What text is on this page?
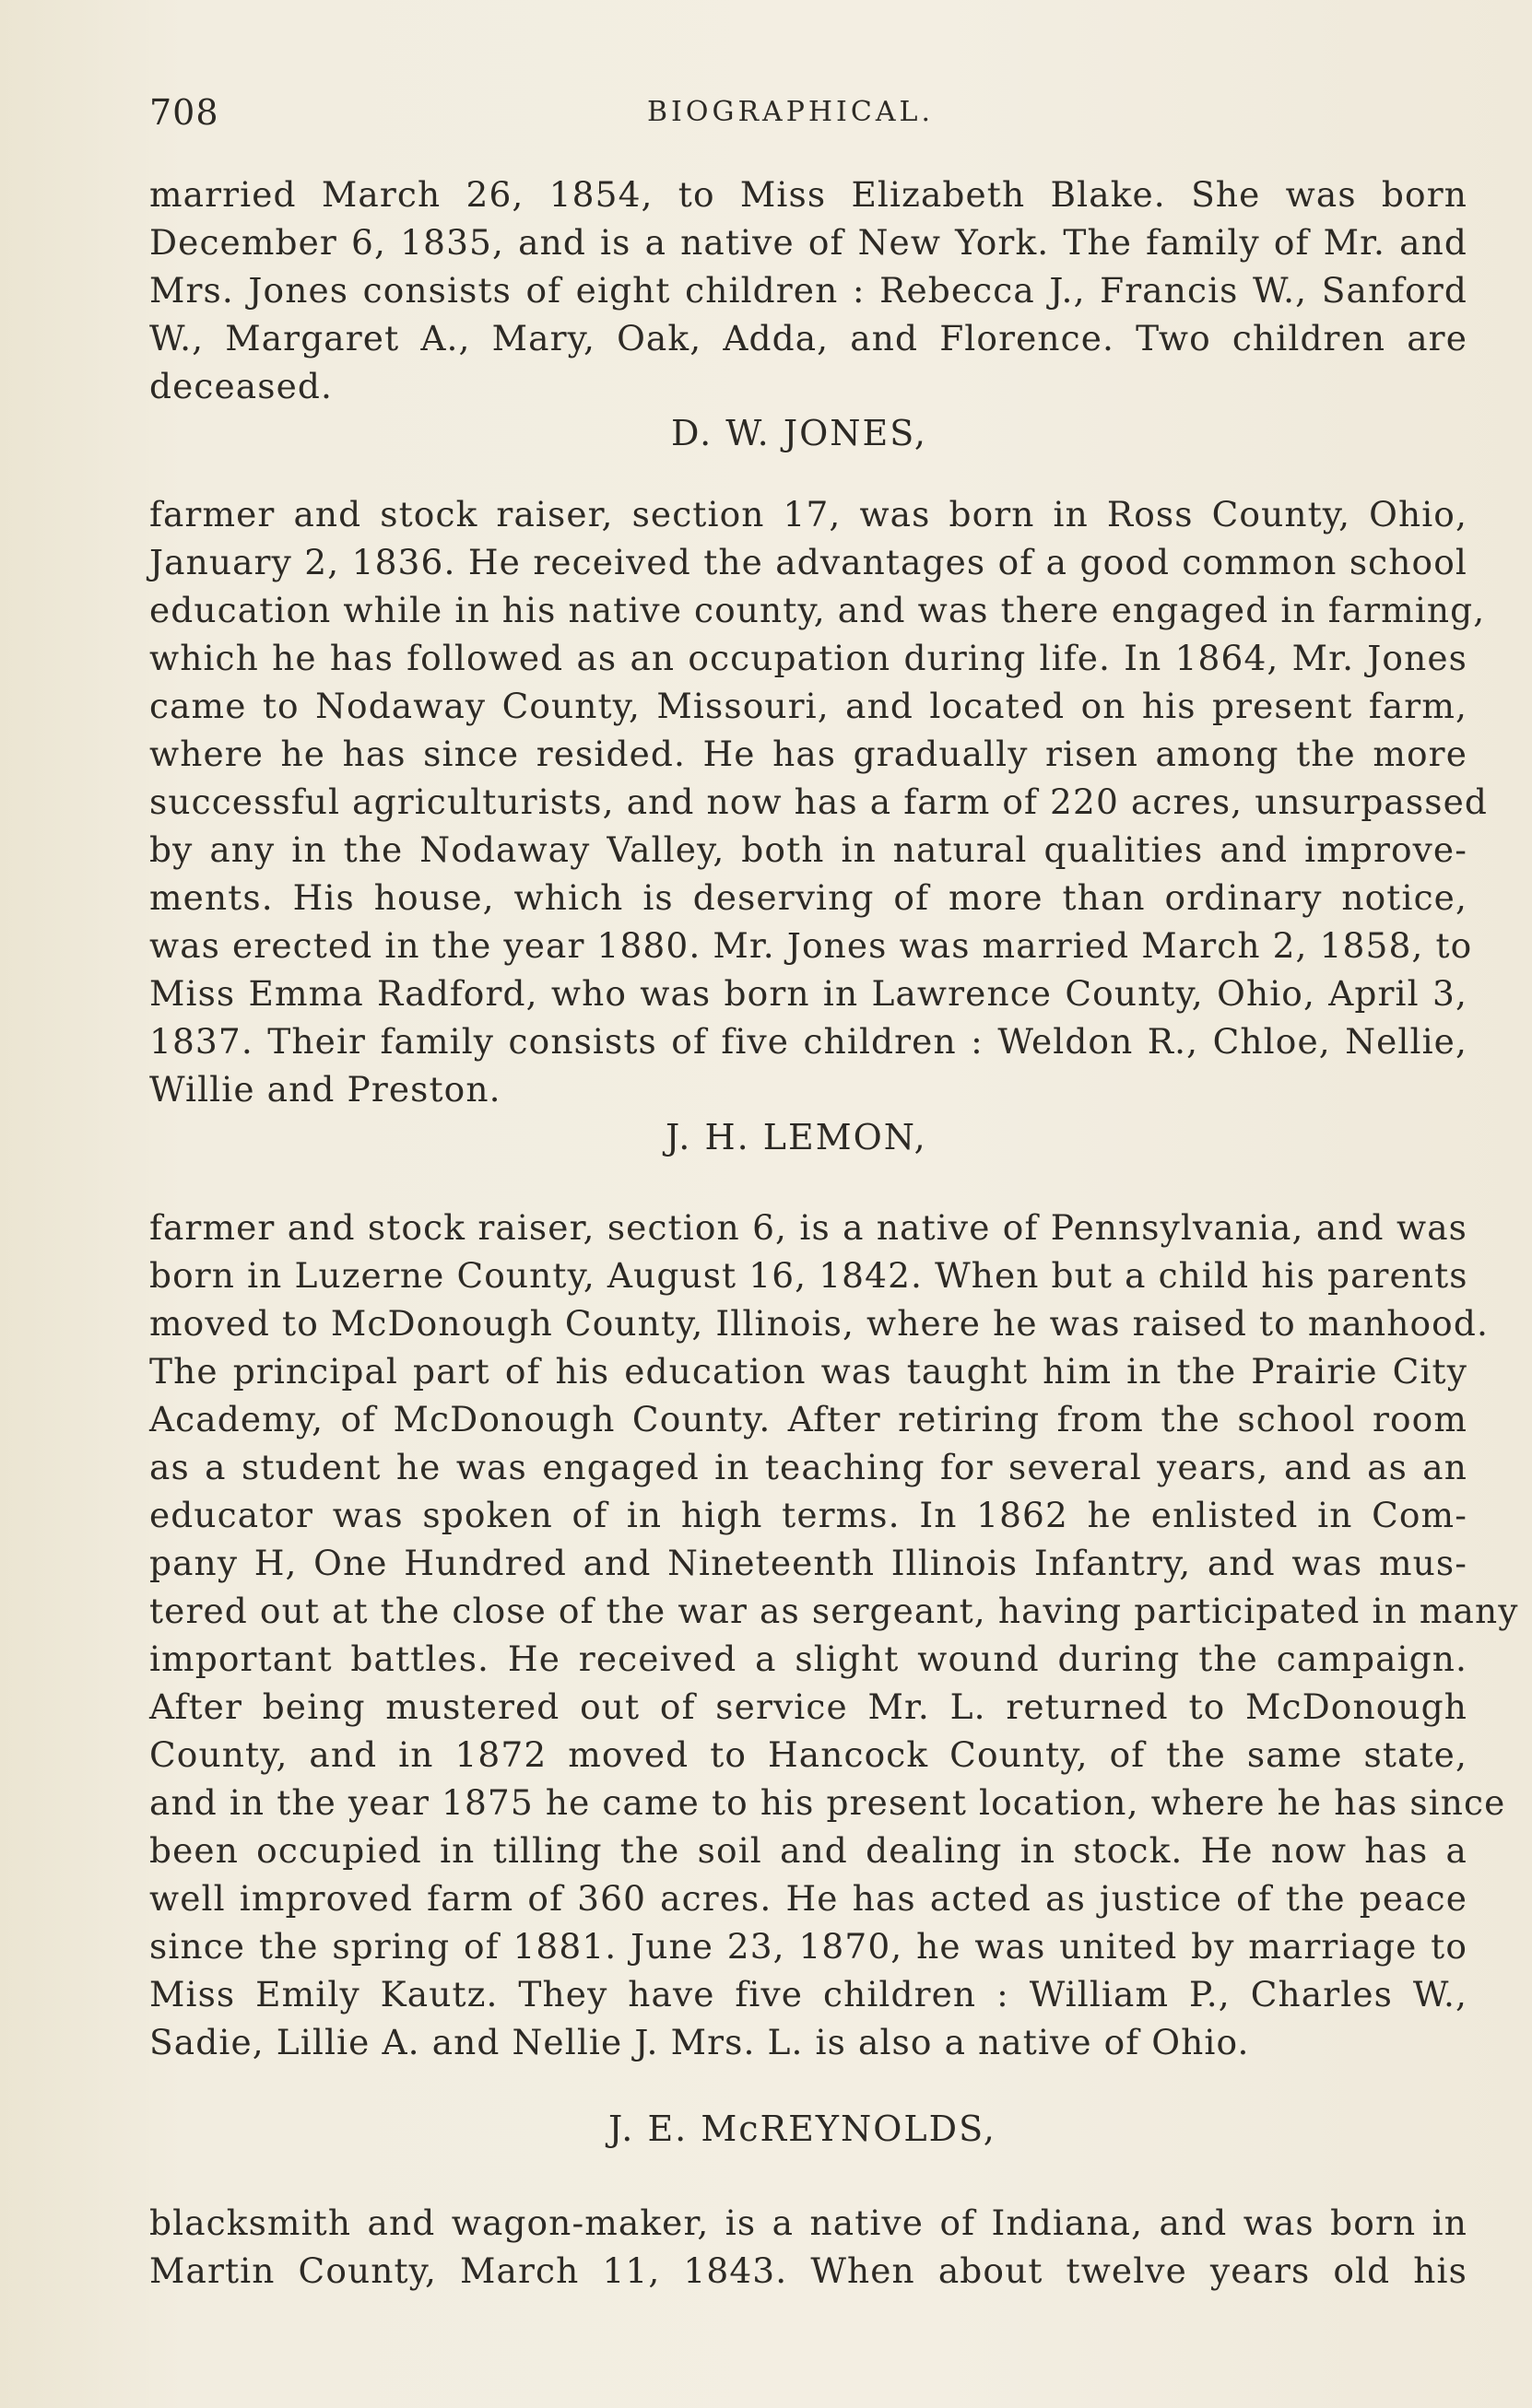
708	BIOGRAPHICAL.
married March 26, 1854, to Miss Elizabeth Blake. She was born
December 6, 1835, and is a native of New York. The family of Mr. and
Mrs. Jones consists of eight children : Rebecca J., Francis W., Sanford
W., Margaret A., Mary, Oak, Adda, and Florence. Two children are
deceased.
D. W. JONES,
farmer and stock raiser, section 17, was born in Ross County, Ohio,
January 2, 1836. He received the advantages of a good common school
education while in his native county, and was there engaged in farming,
which he has followed as an occupation during life. In 1864, Mr. Jones
came to Nodaway County, Missouri, and located on his present farm,
where he has since resided. He has gradually risen among the more
successful agriculturists, and now has a farm of 220 acres, unsurpassed
by any in the Nodaway Valley, both in natural qualities and improve-
ments. His house, which is deserving of more than ordinary notice,
was erected in the year 1880. Mr. Jones was married March 2, 1858, to
Miss Emma Radford, who was born in Lawrence County, Ohio, April 3,
1837. Their family consists of five children : Weldon R., Chloe, Nellie,
Willie and Preston.
J. H. LEMON,
farmer and stock raiser, section 6, is a native of Pennsylvania, and was
born in Luzerne County, August 16, 1842. When but a child his parents
moved to McDonough County, Illinois, where he was raised to manhood.
The principal part of his education was taught him in the Prairie City
Academy, of McDonough County. After retiring from the school room
as a student he was engaged in teaching for several years, and as an
educator was spoken of in high terms. In 1862 he enlisted in Com-
pany H, One Hundred and Nineteenth Illinois Infantry, and was mus-
tered out at the close of the war as sergeant, having participated in many
important battles. He received a slight wound during the campaign.
After being mustered out of service Mr. L. returned to McDonough
County, and in 1872 moved to Hancock County, of the same state,
and in the year 1875 he came to his present location, where he has since
been occupied in tilling the soil and dealing in stock. He now has a
well improved farm of 360 acres. He has acted as justice of the peace
since the spring of 1881. June 23, 1870, he was united by marriage to
Miss Emily Kautz. They have five children : William P., Charles W.,
Sadie, Lillie A. and Nellie J. Mrs. L. is also a native of Ohio.
J. E. McREYNOLDS,
blacksmith and wagon-maker, is a native of Indiana, and was born in
Martin County, March 11, 1843. When about twelve years old his
